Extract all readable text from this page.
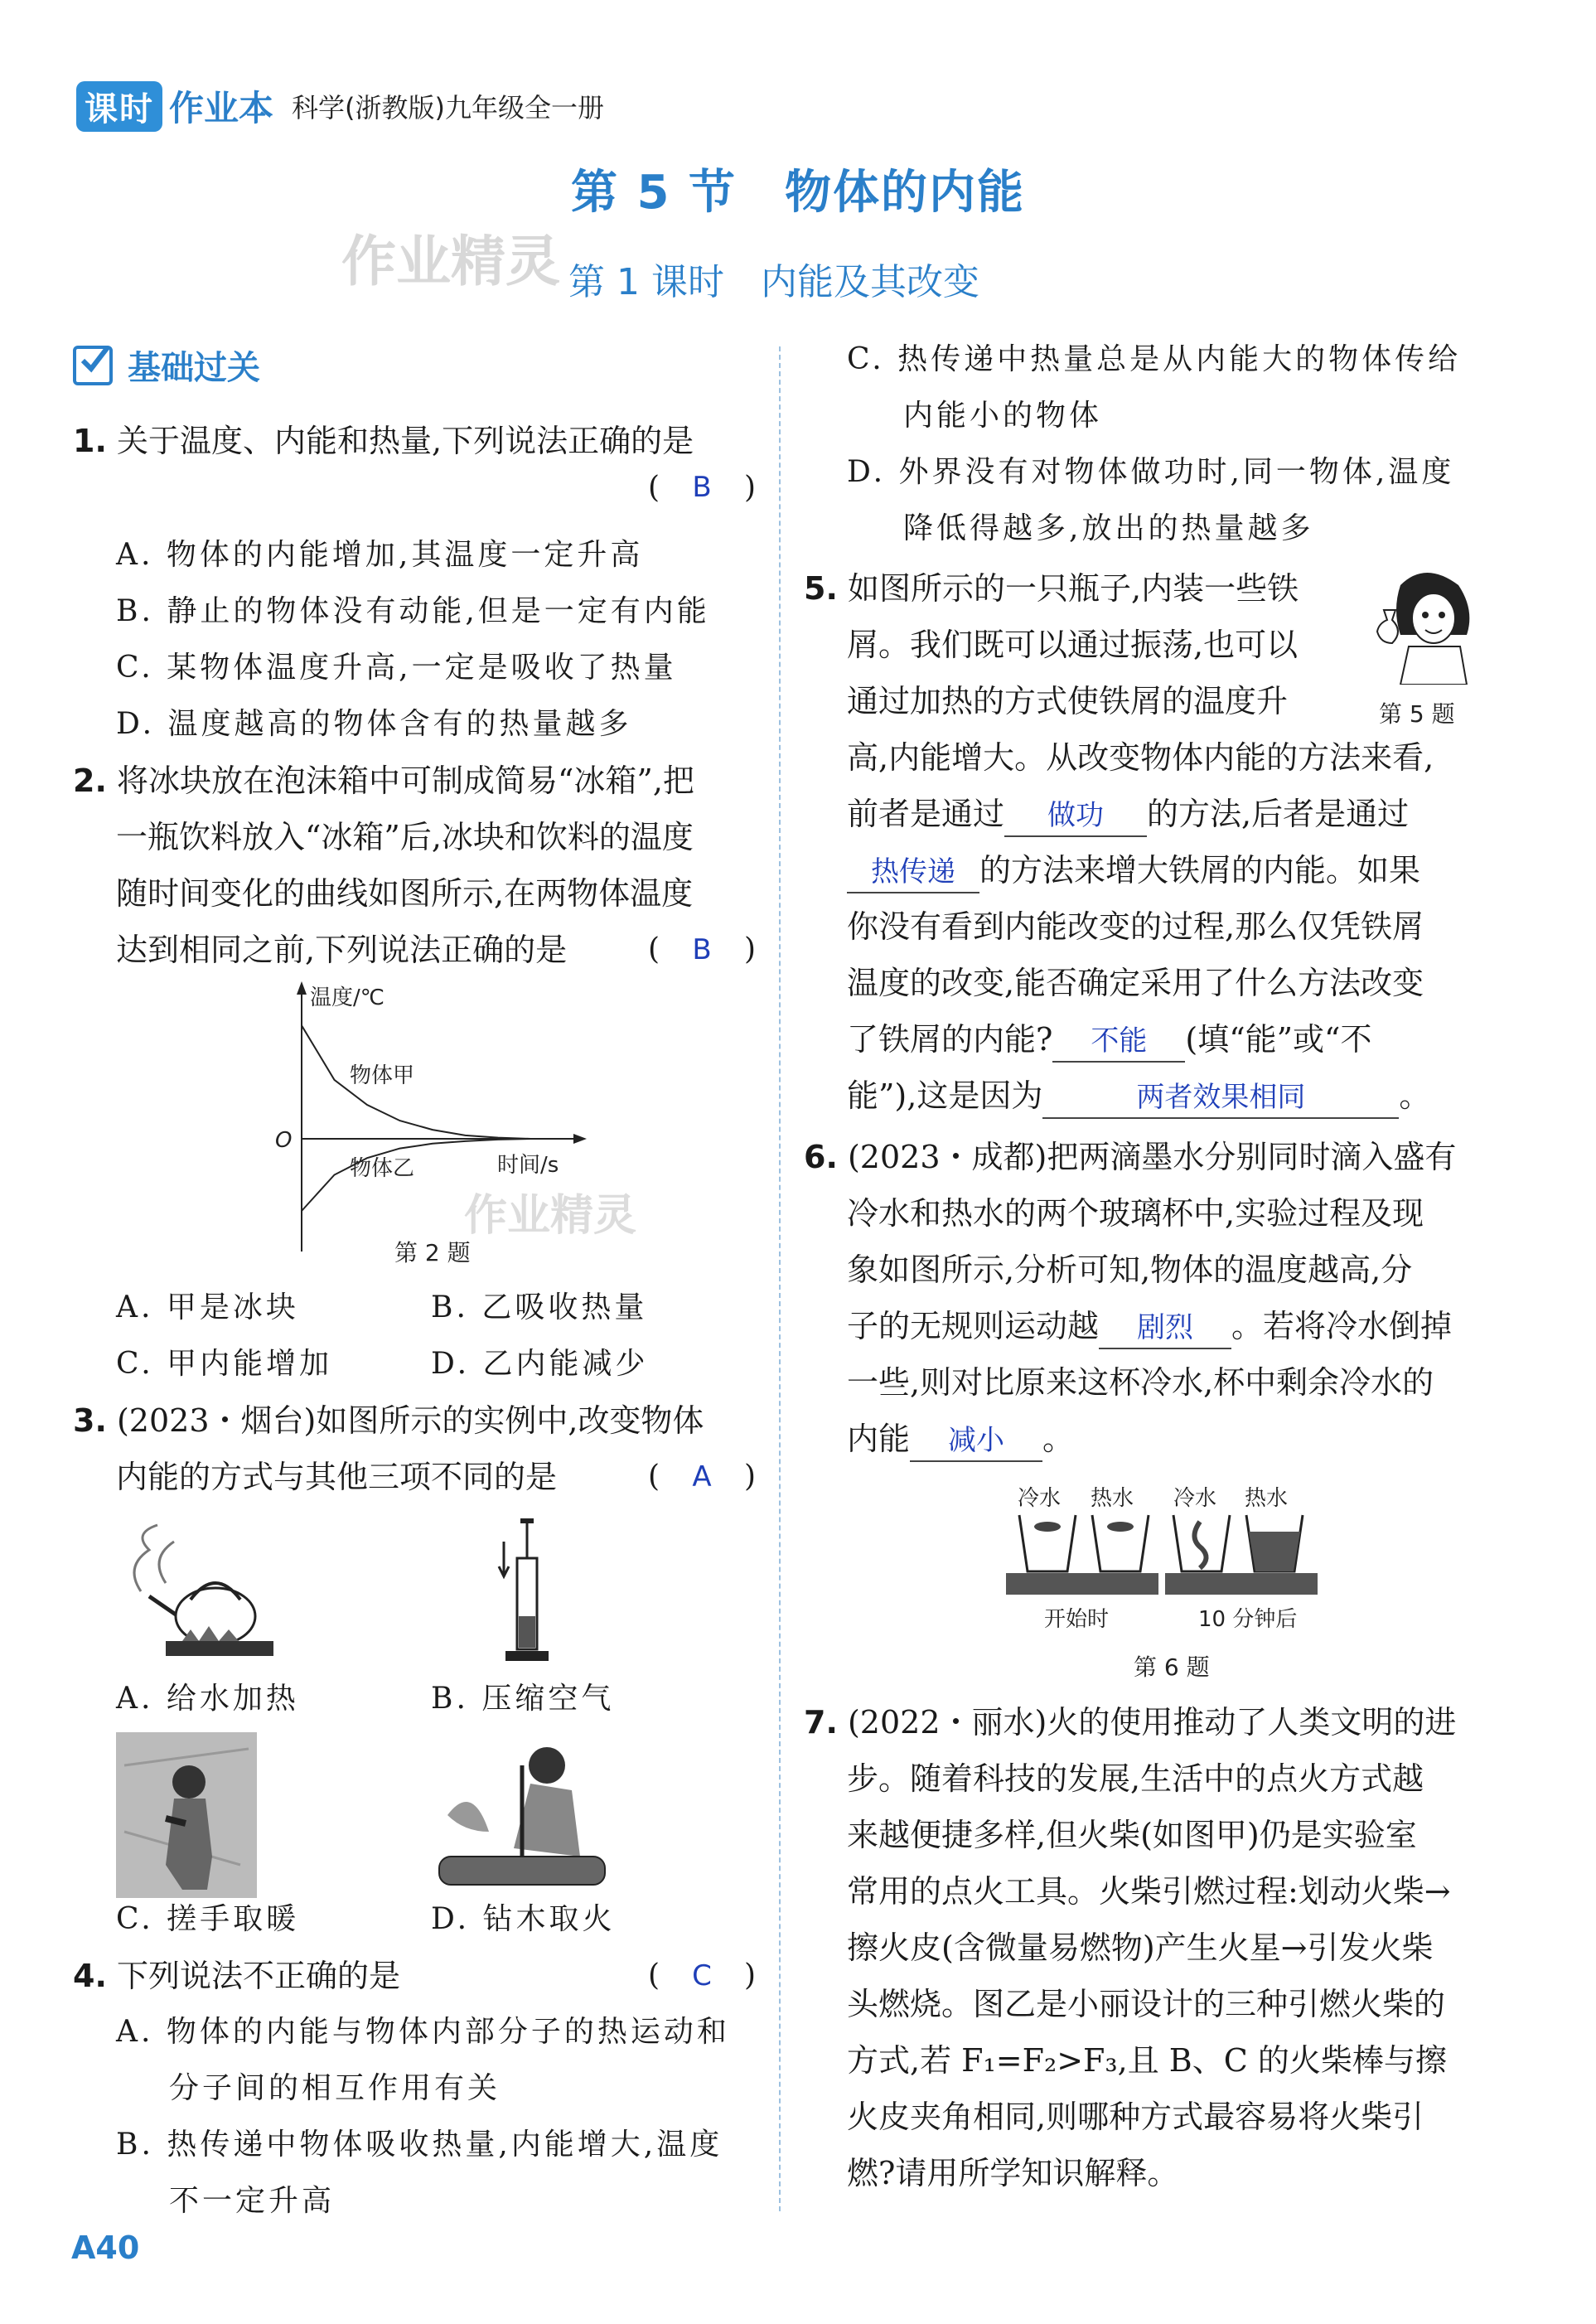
课时 作业本 科学(浙教版)九年级全一册
第 5 节　物体的内能
作业精灵 第 1 课时　内能及其改变
基础过关
1. 关于温度、内能和热量,下列说法正确的是
( B )
A. 物体的内能增加,其温度一定升高
B. 静止的物体没有动能,但是一定有内能
C. 某物体温度升高,一定是吸收了热量
D. 温度越高的物体含有的热量越多
2. 将冰块放在泡沫箱中可制成简易“冰箱”,把
一瓶饮料放入“冰箱”后,冰块和饮料的温度
随时间变化的曲线如图所示,在两物体温度
达到相同之前,下列说法正确的是	( B )
温度/℃
时间/s
O
物体甲
物体乙
作业精灵
第 2 题
A. 甲是冰块	B. 乙吸收热量
C. 甲内能增加	D. 乙内能减少
3. (2023・烟台)如图所示的实例中,改变物体
内能的方式与其他三项不同的是	( A )
A. 给水加热	B. 压缩空气
C. 搓手取暖	D. 钻木取火
4. 下列说法不正确的是	( C )
A. 物体的内能与物体内部分子的热运动和
分子间的相互作用有关
B. 热传递中物体吸收热量,内能增大,温度
不一定升高
C. 热传递中热量总是从内能大的物体传给
内能小的物体
D. 外界没有对物体做功时,同一物体,温度
降低得越多,放出的热量越多
5. 如图所示的一只瓶子,内装一些铁
屑。我们既可以通过振荡,也可以
通过加热的方式使铁屑的温度升	第 5 题
高,内能增大。从改变物体内能的方法来看,
前者是通过 做功 的方法,后者是通过
热传递 的方法来增大铁屑的内能。如果
你没有看到内能改变的过程,那么仅凭铁屑
温度的改变,能否确定采用了什么方法改变
了铁屑的内能? 不能 (填“能”或“不
能”),这是因为	两者效果相同	。
6. (2023・成都)把两滴墨水分别同时滴入盛有
冷水和热水的两个玻璃杯中,实验过程及现
象如图所示,分析可知,物体的温度越高,分
子的无规则运动越 剧烈 。若将冷水倒掉
一些,则对比原来这杯冷水,杯中剩余冷水的
内能 减小 。
冷水 热水 冷水 热水
开始时	10 分钟后
第 6 题
7. (2022・丽水)火的使用推动了人类文明的进
步。随着科技的发展,生活中的点火方式越
来越便捷多样,但火柴(如图甲)仍是实验室
常用的点火工具。火柴引燃过程:划动火柴→
擦火皮(含微量易燃物)产生火星→引发火柴
头燃烧。图乙是小丽设计的三种引燃火柴的
方式,若 F₁=F₂>F₃,且 B、C 的火柴棒与擦
火皮夹角相同,则哪种方式最容易将火柴引
燃?请用所学知识解释。
A40
